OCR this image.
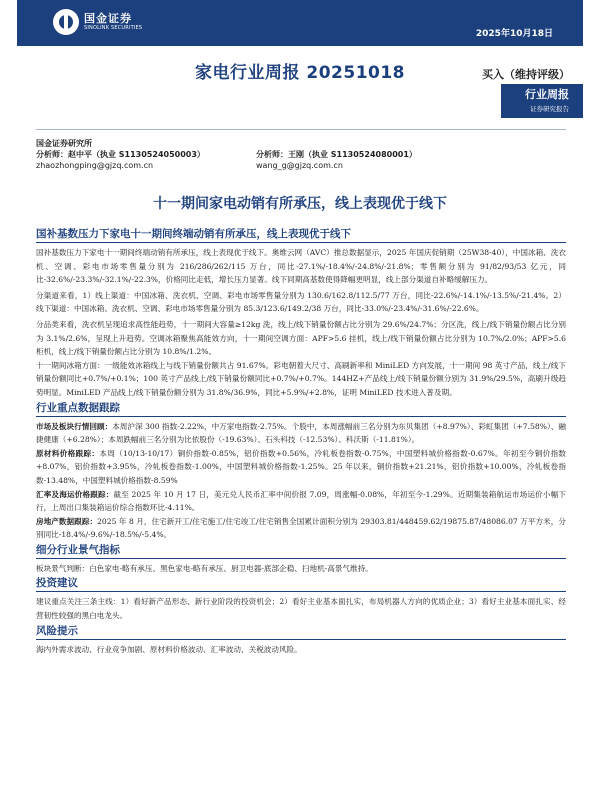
国金证券
SINOLINK SECURITIES
2025年10月18日
家电行业周报 20251018	买入（维持评级）
行业周报
证券研究报告
国金证券研究所
分析师：赵中平（执业 S1130524050003）	分析师：王刚（执业 S1130524080001）
zhaozhongping@gjzq.com.cn	wang_g@gjzq.com.cn
十一期间家电动销有所承压，线上表现优于线下
国补基数压力下家电十一期间终端动销有所承压，线上表现优于线下

国补基数压力下家电十一期间终端动销有所承压，线上表现优于线下。奥维云网（AVC）推总数据显示，2025 年国庆促销期（25W38-40），中国冰箱、洗衣机、空调、彩电市场零售量分别为 216/286/262/115 万台，同比-27.1%/-18.4%/-24.8%/-21.8%；零售额分别为 91/82/93/53 亿元，同比-32.6%/-23.3%/-32.1%/-22.3%，价格同比走低，增长压力显著。线下同期高基数使得降幅更明显，线上部分渠道自补略缓解压力。

分渠道来看，1）线上渠道：中国冰箱、洗衣机、空调、彩电市场零售量分别为 130.6/162.8/112.5/77 万台，同比-22.6%/-14.1%/-13.5%/-21.4%。2）线下渠道：中国冰箱、洗衣机、空调、彩电市场零售量分别为 85.3/123.6/149.2/38 万台，同比-33.0%/-23.4%/-31.6%/-22.6%。

分品类来看，洗衣机呈现追求高性能趋势，十一期间大容量≥12kg 洗，线上/线下销量份额占比分别为 29.6%/24.7%；分区洗，线上/线下销量份额占比分别为 3.1%/2.6%，呈现上升趋势。空调冰箱聚焦高能效方向，十一期间空调方面：APF>5.6 挂机，线上/线下销量份额占比分别为 10.7%/2.0%；APF>5.6 柜机，线上/线下销量份额占比分别为 10.8%/1.2%。

十一期间冰箱方面：一级能效冰箱线上与线下销量份额共占 91.67%。彩电朝着大尺寸、高刷新率和 MiniLED 方向发展，十一期间 98 英寸产品，线上/线下销量份额同比+0.7%/+0.1%；100 英寸产品线上/线下销量份额同比+0.7%/+0.7%。144HZ+产品线上/线下销量份额分别为 31.9%/29.5%，高刷升级趋势明显。MiniLED 产品线上/线下销量份额分别为 31.8%/36.9%，同比+5.9%/+2.8%，证明 MiniLED 技术进入普及期。

行业重点数据跟踪

市场及板块行情回顾：本周沪深 300 指数-2.22%，中万家电指数-2.75%。个股中，本周涨幅前三名分别为东贝集团（+8.97%）、彩虹集团（+7.58%）、融捷健康（+6.28%）；本周跌幅前三名分别为比依股份（-19.63%）、石头科技（-12.53%）、科沃斯（-11.81%）。

原材料价格跟踪：本周（10/13-10/17）铜价指数-0.85%，铝价指数+0.56%，冷轧板卷指数-0.75%，中国塑料城价格指数-0.67%。年初至今铜价指数+8.07%，铝价指数+3.95%，冷轧板卷指数-1.00%，中国塑料城价格指数-1.25%。25 年以来，铜价指数+21.21%，铝价指数+10.00%，冷轧板卷指数-13.48%，中国塑料城价格指数-8.59%

汇率及海运价格跟踪：截至 2025 年 10 月 17 日，美元兑人民币汇率中间价报 7.09，周涨幅-0.08%，年初至今-1.29%。近期集装箱航运市场运价小幅下行，上周出口集装箱运价综合指数环比-4.11%。

房地产数据跟踪：2025 年 8 月，住宅新开工/住宅施工/住宅竣工/住宅销售全国累计面积分别为 29303.81/448459.62/19875.87/48086.07 万平方米，分别同比-18.4%/-9.6%/-18.5%/-5.4%。

细分行业景气指标

板块景气判断：白色家电-略有承压、黑色家电-略有承压、厨卫电器-底部企稳、扫地机-高景气维持。

投资建议

建议重点关注三条主线：1）看好新产品形态、新行业阶段的投资机会；2）看好主业基本面扎实，布局机器人方向的优质企业；3）看好主业基本面扎实、经营韧性较强的黑白电龙头。

风险提示

海内外需求波动、行业竞争加剧、原材料价格波动、汇率波动、关税波动风险。
